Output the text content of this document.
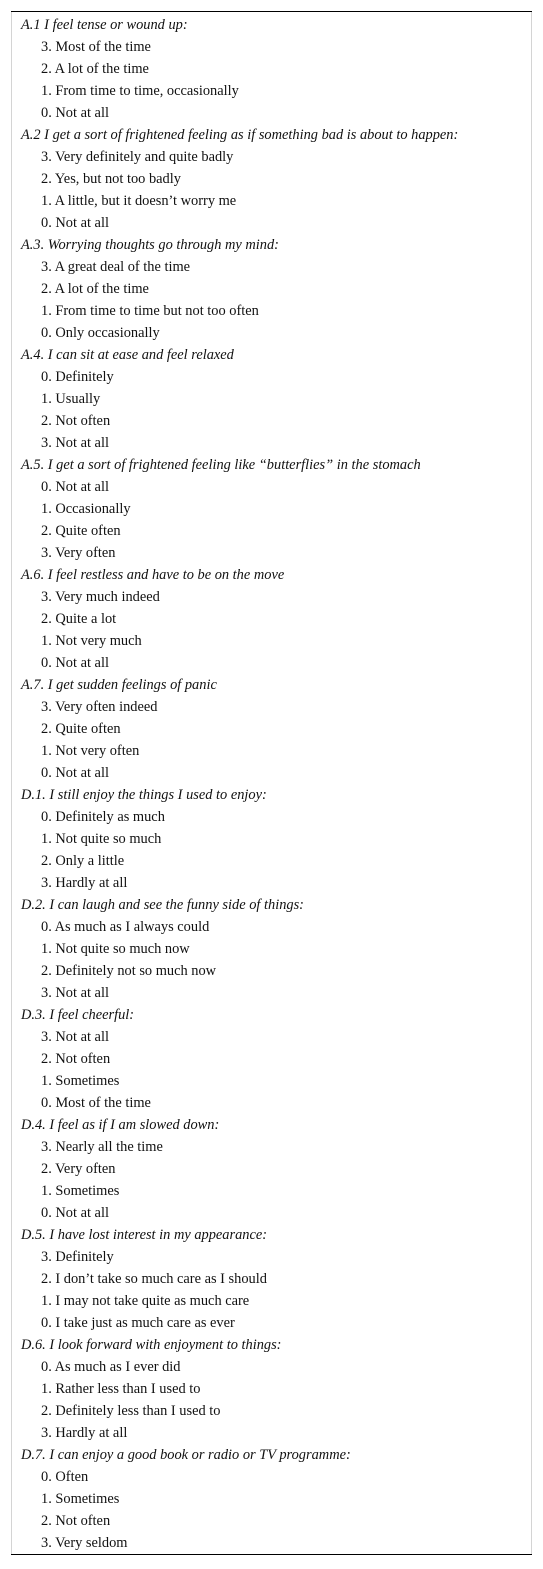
A.1 I feel tense or wound up:
3. Most of the time
2. A lot of the time
1. From time to time, occasionally
0. Not at all
A.2 I get a sort of frightened feeling as if something bad is about to happen:
3. Very definitely and quite badly
2. Yes, but not too badly
1. A little, but it doesn’t worry me
0. Not at all
A.3. Worrying thoughts go through my mind:
3. A great deal of the time
2. A lot of the time
1. From time to time but not too often
0. Only occasionally
A.4. I can sit at ease and feel relaxed
0. Definitely
1. Usually
2. Not often
3. Not at all
A.5. I get a sort of frightened feeling like “butterflies” in the stomach
0. Not at all
1. Occasionally
2. Quite often
3. Very often
A.6. I feel restless and have to be on the move
3. Very much indeed
2. Quite a lot
1. Not very much
0. Not at all
A.7. I get sudden feelings of panic
3. Very often indeed
2. Quite often
1. Not very often
0. Not at all
D.1. I still enjoy the things I used to enjoy:
0. Definitely as much
1. Not quite so much
2. Only a little
3. Hardly at all
D.2. I can laugh and see the funny side of things:
0. As much as I always could
1. Not quite so much now
2. Definitely not so much now
3. Not at all
D.3. I feel cheerful:
3. Not at all
2. Not often
1. Sometimes
0. Most of the time
D.4. I feel as if I am slowed down:
3. Nearly all the time
2. Very often
1. Sometimes
0. Not at all
D.5. I have lost interest in my appearance:
3. Definitely
2. I don’t take so much care as I should
1. I may not take quite as much care
0. I take just as much care as ever
D.6. I look forward with enjoyment to things:
0. As much as I ever did
1. Rather less than I used to
2. Definitely less than I used to
3. Hardly at all
D.7. I can enjoy a good book or radio or TV programme:
0. Often
1. Sometimes
2. Not often
3. Very seldom
